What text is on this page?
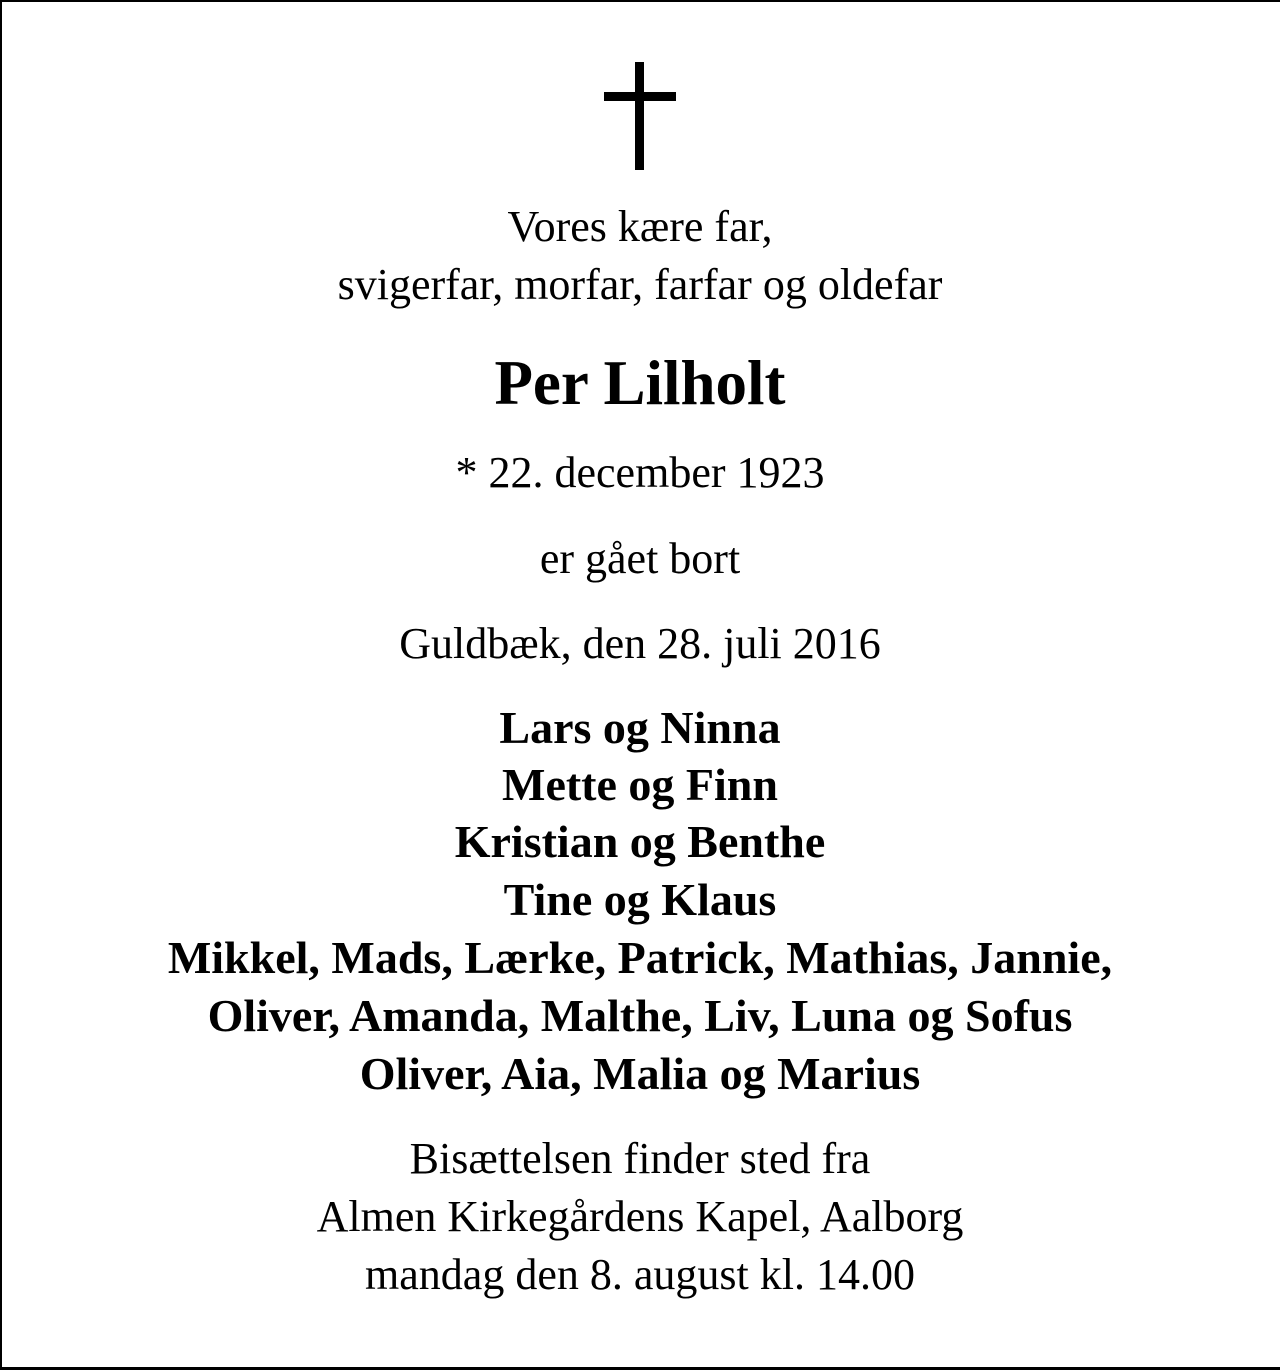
Vores kære far,
svigerfar, morfar, farfar og oldefar
Per Lilholt
* 22. december 1923
er gået bort
Guldbæk, den 28. juli 2016
Lars og Ninna
Mette og Finn
Kristian og Benthe
Tine og Klaus
Mikkel, Mads, Lærke, Patrick, Mathias, Jannie,
Oliver, Amanda, Malthe, Liv, Luna og Sofus
Oliver, Aia, Malia og Marius
Bisættelsen finder sted fra
Almen Kirkegårdens Kapel, Aalborg
mandag den 8. august kl. 14.00
